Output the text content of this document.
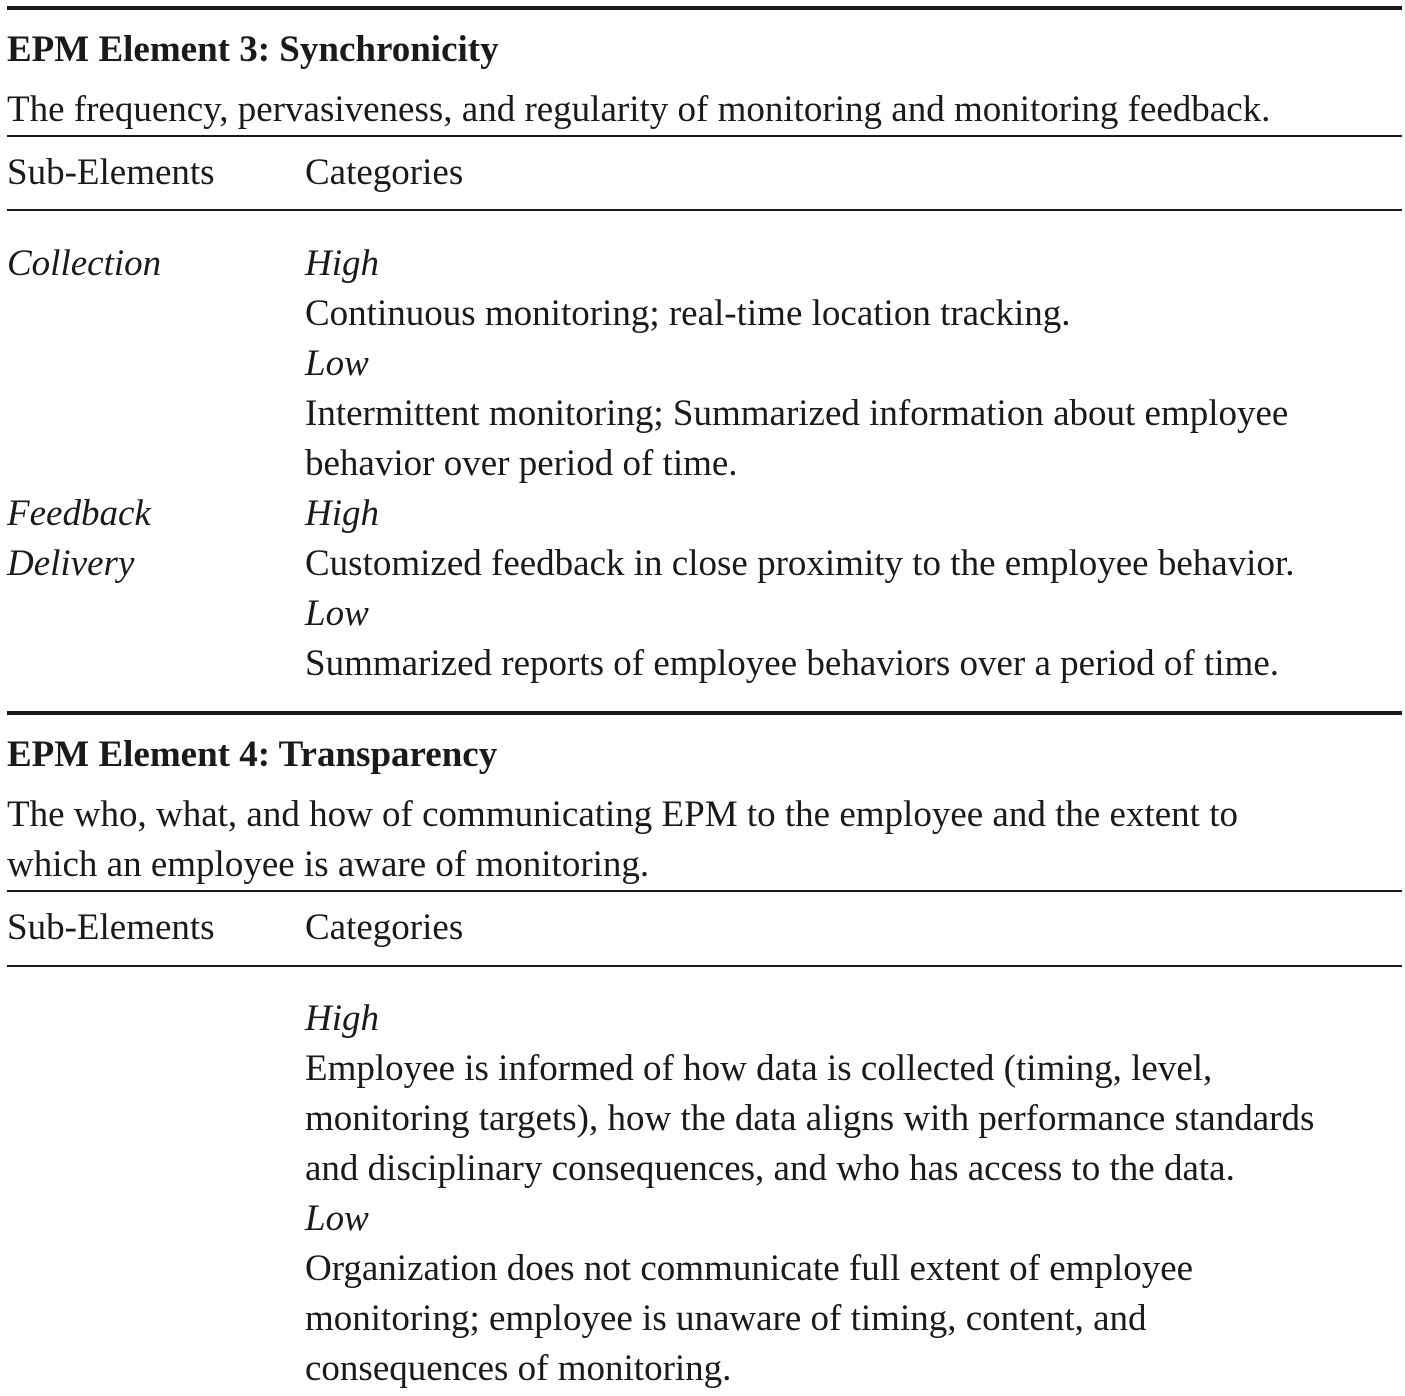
EPM Element 3: Synchronicity
The frequency, pervasiveness, and regularity of monitoring and monitoring feedback.
Sub-Elements Categories
Collection	High
Continuous monitoring; real-time location tracking.
Low
Intermittent monitoring; Summarized information about employee
behavior over period of time.
Feedback
Delivery
High
Customized feedback in close proximity to the employee behavior.
Low
Summarized reports of employee behaviors over a period of time.
EPM Element 4: Transparency
The who, what, and how of communicating EPM to the employee and the extent to
which an employee is aware of monitoring.
Sub-Elements Categories
High
Employee is informed of how data is collected (timing, level,
monitoring targets), how the data aligns with performance standards
and disciplinary consequences, and who has access to the data.
Low
Organization does not communicate full extent of employee
monitoring; employee is unaware of timing, content, and
consequences of monitoring.
